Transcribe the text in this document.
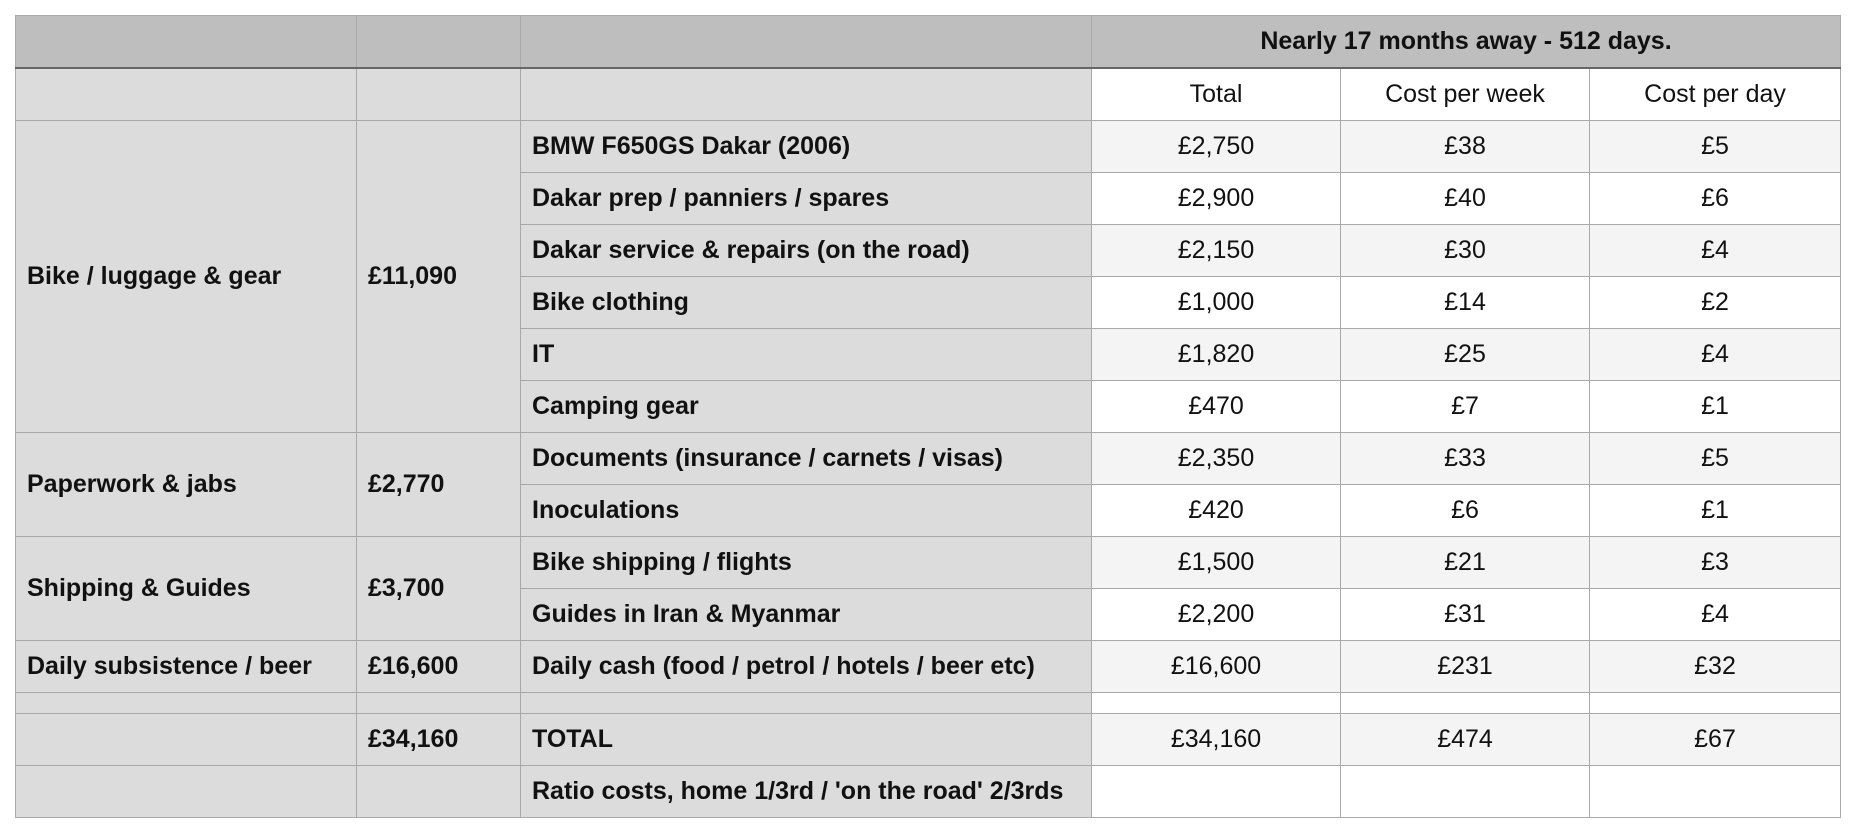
			Nearly 17 months away - 512 days.		
			Total	Cost per week	Cost per day
Bike / luggage & gear	£11,090	BMW F650GS Dakar (2006)	£2,750	£38	£5
		Dakar prep / panniers / spares	£2,900	£40	£6
		Dakar service & repairs (on the road)	£2,150	£30	£4
		Bike clothing	£1,000	£14	£2
		IT	£1,820	£25	£4
		Camping gear	£470	£7	£1
Paperwork & jabs	£2,770	Documents (insurance / carnets / visas)	£2,350	£33	£5
		Inoculations	£420	£6	£1
Shipping & Guides	£3,700	Bike shipping / flights	£1,500	£21	£3
		Guides in Iran & Myanmar	£2,200	£31	£4
Daily subsistence / beer	£16,600	Daily cash (food / petrol / hotels / beer etc)	£16,600	£231	£32

	£34,160	TOTAL	£34,160	£474	£67
		Ratio costs, home 1/3rd / 'on the road' 2/3rds			
